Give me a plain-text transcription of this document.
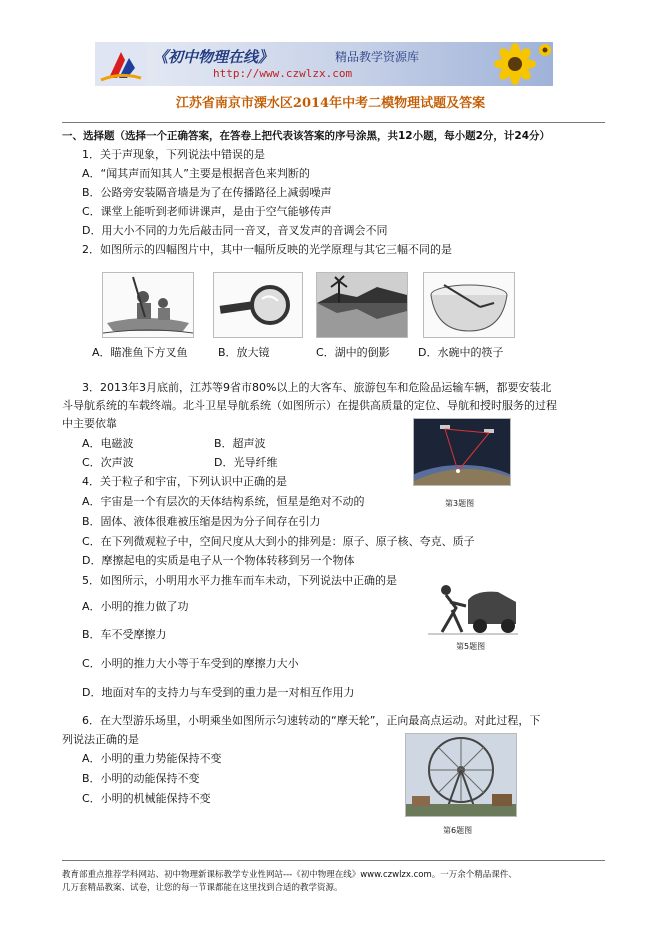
《初中物理在线》	精品教学资源库
http://www.czwlzx.com
江苏省南京市溧水区2014年中考二模物理试题及答案
一、选择题（选择一个正确答案，在答卷上把代表该答案的序号涂黑，共12小题，每小题2分，计24分）
1．关于声现象，下列说法中错误的是
A．“闻其声而知其人”主要是根据音色来判断的
B．公路旁安装隔音墙是为了在传播路径上减弱噪声
C．课堂上能听到老师讲课声，是由于空气能够传声
D．用大小不同的力先后敲击同一音叉，音叉发声的音调会不同
2．如图所示的四幅图片中，其中一幅所反映的光学原理与其它三幅不同的是
A．瞄准鱼下方叉鱼	B．放大镜	C．湖中的倒影	D．水碗中的筷子
3．2013年3月底前，江苏等9省市80%以上的大客车、旅游包车和危险品运输车辆，都要安装北
斗导航系统的车载终端。北斗卫星导航系统（如图所示）在提供高质量的定位、导航和授时服务的过程
中主要依靠
A．电磁波	B．超声波
C．次声波	D．光导纤维
第3题图
4．关于粒子和宇宙，下列认识中正确的是
A．宇宙是一个有层次的天体结构系统，恒星是绝对不动的
B．固体、液体很难被压缩是因为分子间存在引力
C．在下列微观粒子中，空间尺度从大到小的排列是：原子、原子核、夸克、质子
D．摩擦起电的实质是电子从一个物体转移到另一个物体
5．如图所示，小明用水平力推车而车未动，下列说法中正确的是
A．小明的推力做了功
B．车不受摩擦力
C．小明的推力大小等于车受到的摩擦力大小
D．地面对车的支持力与车受到的重力是一对相互作用力
第5题图
6．在大型游乐场里，小明乘坐如图所示匀速转动的“摩天轮”，正向最高点运动。对此过程，下
列说法正确的是
A．小明的重力势能保持不变
B．小明的动能保持不变
C．小明的机械能保持不变
第6题图
教育部重点推荐学科网站、初中物理新课标教学专业性网站---《初中物理在线》www.czwlzx.com。一万余个精品课件、
几万套精品教案、试卷，让您的每一节课都能在这里找到合适的教学资源。
